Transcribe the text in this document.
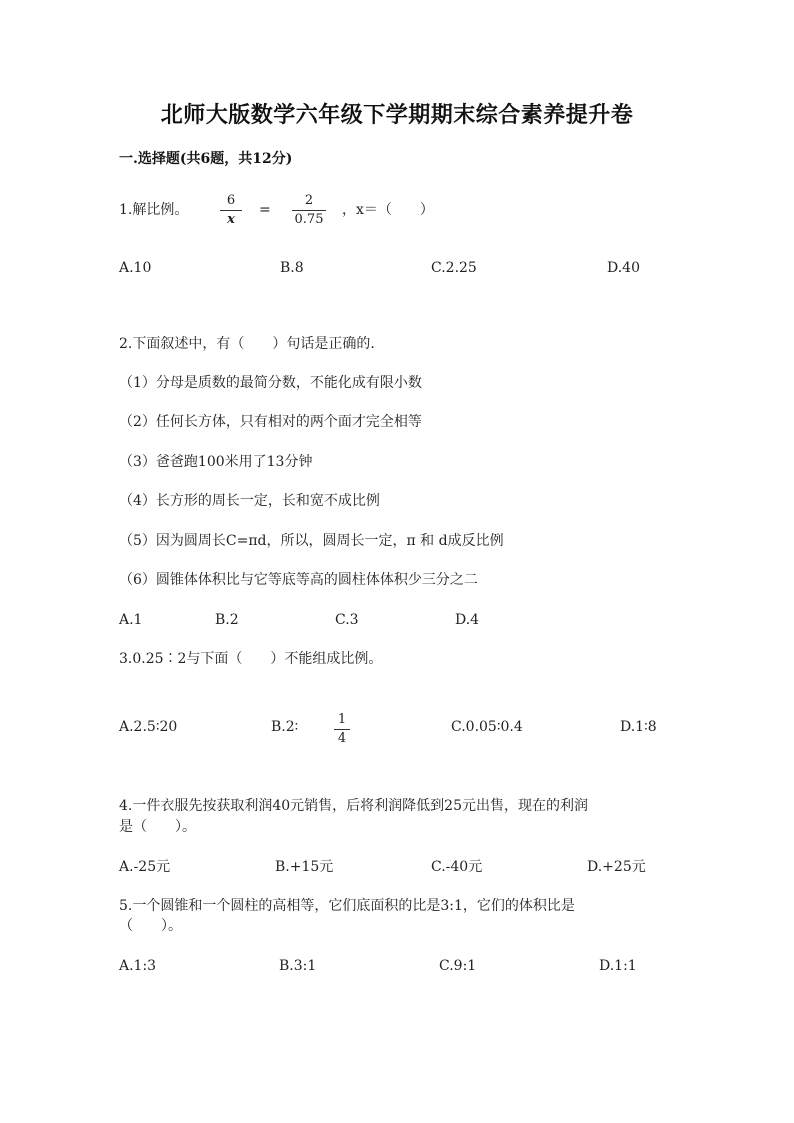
北师大版数学六年级下学期期末综合素养提升卷
一.选择题(共6题，共12分)
1.解比例。
6
x
=
2
0.75
，x＝（　　）
A.10	B.8	C.2.25	D.40
2.下面叙述中，有（　　）句话是正确的.
（1）分母是质数的最简分数，不能化成有限小数
（2）任何长方体，只有相对的两个面才完全相等
（3）爸爸跑100米用了13分钟
（4）长方形的周长一定，长和宽不成比例
（5）因为圆周长C=πd，所以，圆周长一定，π 和 d成反比例
（6）圆锥体体积比与它等底等高的圆柱体体积少三分之二
A.1	B.2	C.3	D.4
3.0.25∶2与下面（　　）不能组成比例。
A.2.5∶20	B.2∶	1
4
C.0.05∶0.4	D.1∶8
4.一件衣服先按获取利润40元销售，后将利润降低到25元出售，现在的利润
是（　　）。
A.-25元	B.+15元	C.-40元	D.+25元
5.一个圆锥和一个圆柱的高相等，它们底面积的比是3:1，它们的体积比是
（　　）。
A.1:3	B.3:1	C.9:1	D.1:1
